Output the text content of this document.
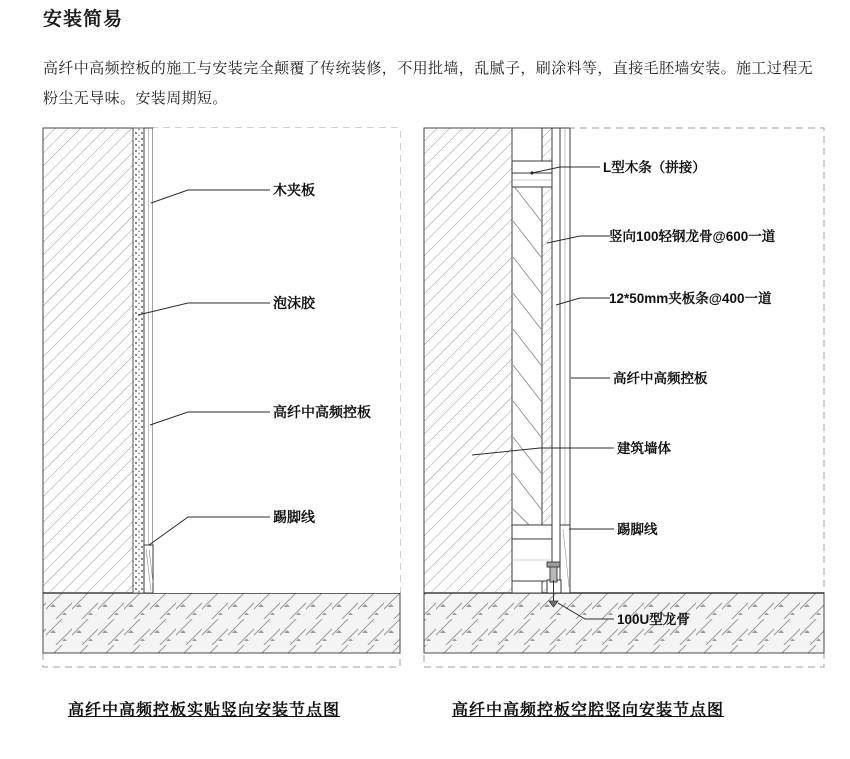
安装简易
高纤中高频控板的施工与安装完全颠覆了传统装修，不用批墙，乱腻子，刷涂料等，直接毛胚墙安装。施工过程无粉尘无导味。安装周期短。
L型木条（拼接）
竖向100轻钢龙骨@600一道
12*50mm夹板条@400一道
高纤中高频控板
建筑墙体
踢脚线
100U型龙骨
木夹板
泡沫胶
高纤中高频控板
踢脚线
高纤中高频控板实贴竖向安装节点图	高纤中高频控板空腔竖向安装节点图
